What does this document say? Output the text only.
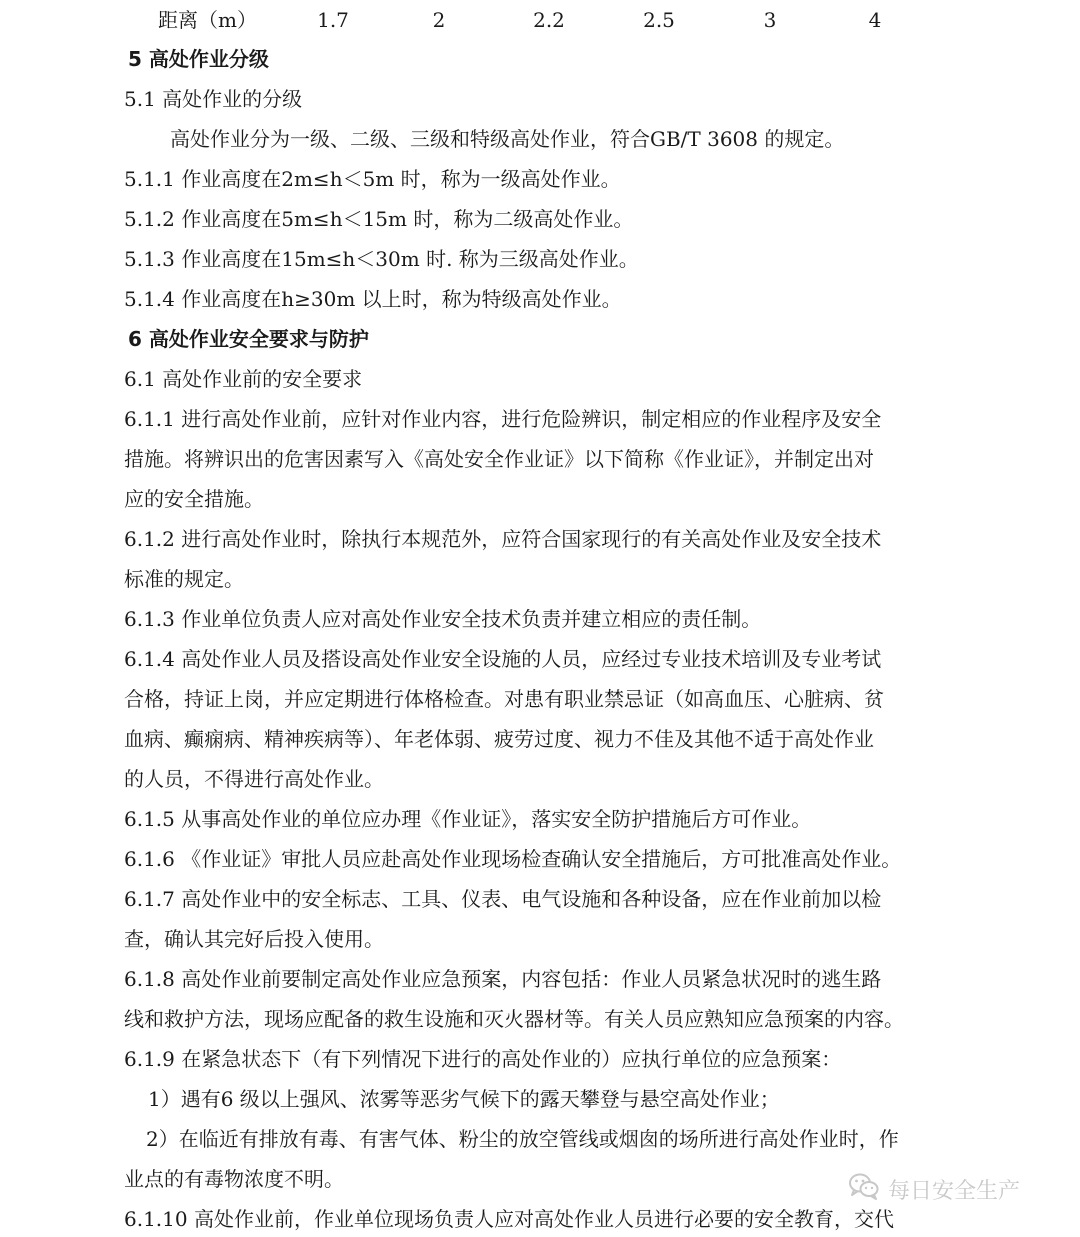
距离（m）	1.7	2	2.2	2.5	3	4
5 高处作业分级
5.1 高处作业的分级
高处作业分为一级、二级、三级和特级高处作业，符合GB/T 3608 的规定。
5.1.1 作业高度在2m≤h＜5m 时，称为一级高处作业。
5.1.2 作业高度在5m≤h＜15m 时，称为二级高处作业。
5.1.3 作业高度在15m≤h＜30m 时. 称为三级高处作业。
5.1.4 作业高度在h≥30m 以上时，称为特级高处作业。
6 高处作业安全要求与防护
6.1 高处作业前的安全要求
6.1.1 进行高处作业前，应针对作业内容，进行危险辨识，制定相应的作业程序及安全
措施。将辨识出的危害因素写入《高处安全作业证》以下简称《作业证》，并制定出对
应的安全措施。
6.1.2 进行高处作业时，除执行本规范外，应符合国家现行的有关高处作业及安全技术
标准的规定。
6.1.3 作业单位负责人应对高处作业安全技术负责并建立相应的责任制。
6.1.4 高处作业人员及搭设高处作业安全设施的人员，应经过专业技术培训及专业考试
合格，持证上岗，并应定期进行体格检查。对患有职业禁忌证（如高血压、心脏病、贫
血病、癫痫病、精神疾病等）、年老体弱、疲劳过度、视力不佳及其他不适于高处作业
的人员，不得进行高处作业。
6.1.5 从事高处作业的单位应办理《作业证》，落实安全防护措施后方可作业。
6.1.6 《作业证》审批人员应赴高处作业现场检查确认安全措施后，方可批准高处作业。
6.1.7 高处作业中的安全标志、工具、仪表、电气设施和各种设备，应在作业前加以检
查，确认其完好后投入使用。
6.1.8 高处作业前要制定高处作业应急预案，内容包括：作业人员紧急状况时的逃生路
线和救护方法，现场应配备的救生设施和灭火器材等。有关人员应熟知应急预案的内容。
6.1.9 在紧急状态下（有下列情况下进行的高处作业的）应执行单位的应急预案：
1）遇有6 级以上强风、浓雾等恶劣气候下的露天攀登与悬空高处作业；
2）在临近有排放有毒、有害气体、粉尘的放空管线或烟囱的场所进行高处作业时，作
业点的有毒物浓度不明。
6.1.10 高处作业前，作业单位现场负责人应对高处作业人员进行必要的安全教育，交代
每日安全生产
